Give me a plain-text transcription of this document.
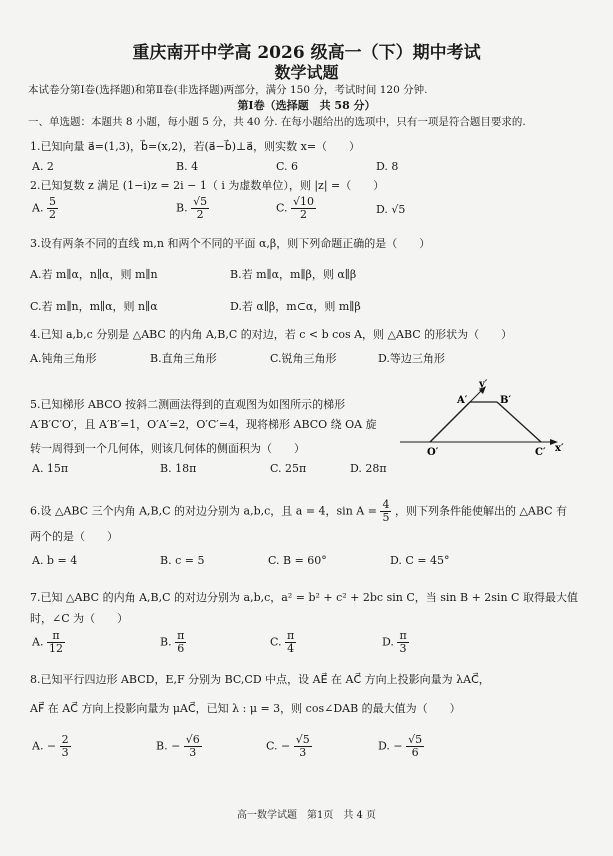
重庆南开中学高 2026 级高一（下）期中考试
数学试题
本试卷分第Ⅰ卷(选择题)和第Ⅱ卷(非选择题)两部分，满分 150 分，考试时间 120 分钟.
第Ⅰ卷（选择题　共 58 分）
一、单选题：本题共 8 小题，每小题 5 分，共 40 分. 在每小题给出的选项中，只有一项是符合题目要求的.
1.已知向量 a⃗=(1,3)，b⃗=(x,2)，若(a⃗−b⃗)⊥a⃗，则实数 x=（　　）
A. 2	B. 4	C. 6	D. 8
2.已知复数 z 满足 (1−i)z = 2i − 1（ i 为虚数单位），则 |z| =（　　）
A. $\frac{5}{2}$	B. $\frac{√5}{2}$	C. $\frac{√10}{2}$	D. √5
3.设有两条不同的直线 m,n 和两个不同的平面 α,β，则下列命题正确的是（　　）
A.若 m∥α，n∥α，则 m∥n	B.若 m∥α，m∥β，则 α∥β
C.若 m∥n，m∥α，则 n∥α	D.若 α∥β，m⊂α，则 m∥β
4.已知 a,b,c 分别是 △ABC 的内角 A,B,C 的对边，若 c < b cos A，则 △ABC 的形状为（　　）
A.钝角三角形	B.直角三角形	C.锐角三角形	D.等边三角形
5.已知梯形 ABCO 按斜二测画法得到的直观图为如图所示的梯形
A′B′C′O′，且 A′B′=1，O′A′=2，O′C′=4，现将梯形 ABCO 绕 OA 旋
转一周得到一个几何体，则该几何体的侧面积为（　　）
A. 15π	B. 18π	C. 25π	D. 28π
y′
A′	B′
O′	C′ x′
6.设 △ABC 三个内角 A,B,C 的对边分别为 a,b,c，且 a = 4，$\sin A = \frac{4}{5}$ ，则下列条件能使解出的 △ABC 有
两个的是（　　）
A. b = 4	B. c = 5	C. B = 60°	D. C = 45°
7.已知 △ABC 的内角 A,B,C 的对边分别为 a,b,c，a² = b² + c² + 2bc sin C，当 sin B + 2sin C 取得最大值
时，∠C 为（　　）
A. $\frac{\pi}{12}$	B. $\frac{\pi}{6}$	C. $\frac{\pi}{4}$	D. $\frac{\pi}{3}$
8.已知平行四边形 ABCD，E,F 分别为 BC,CD 中点，设 AE⃗ 在 AC⃗ 方向上投影向量为 λAC⃗，
AF⃗ 在 AC⃗ 方向上投影向量为 μAC⃗，已知 λ : μ = 3，则 cos∠DAB 的最大值为（　　）
A. − $\frac{2}{3}$	B. − $\frac{√6}{3}$	C. − $\frac{√5}{3}$	D. − $\frac{√5}{6}$
高一数学试题　第1页　共 4 页
